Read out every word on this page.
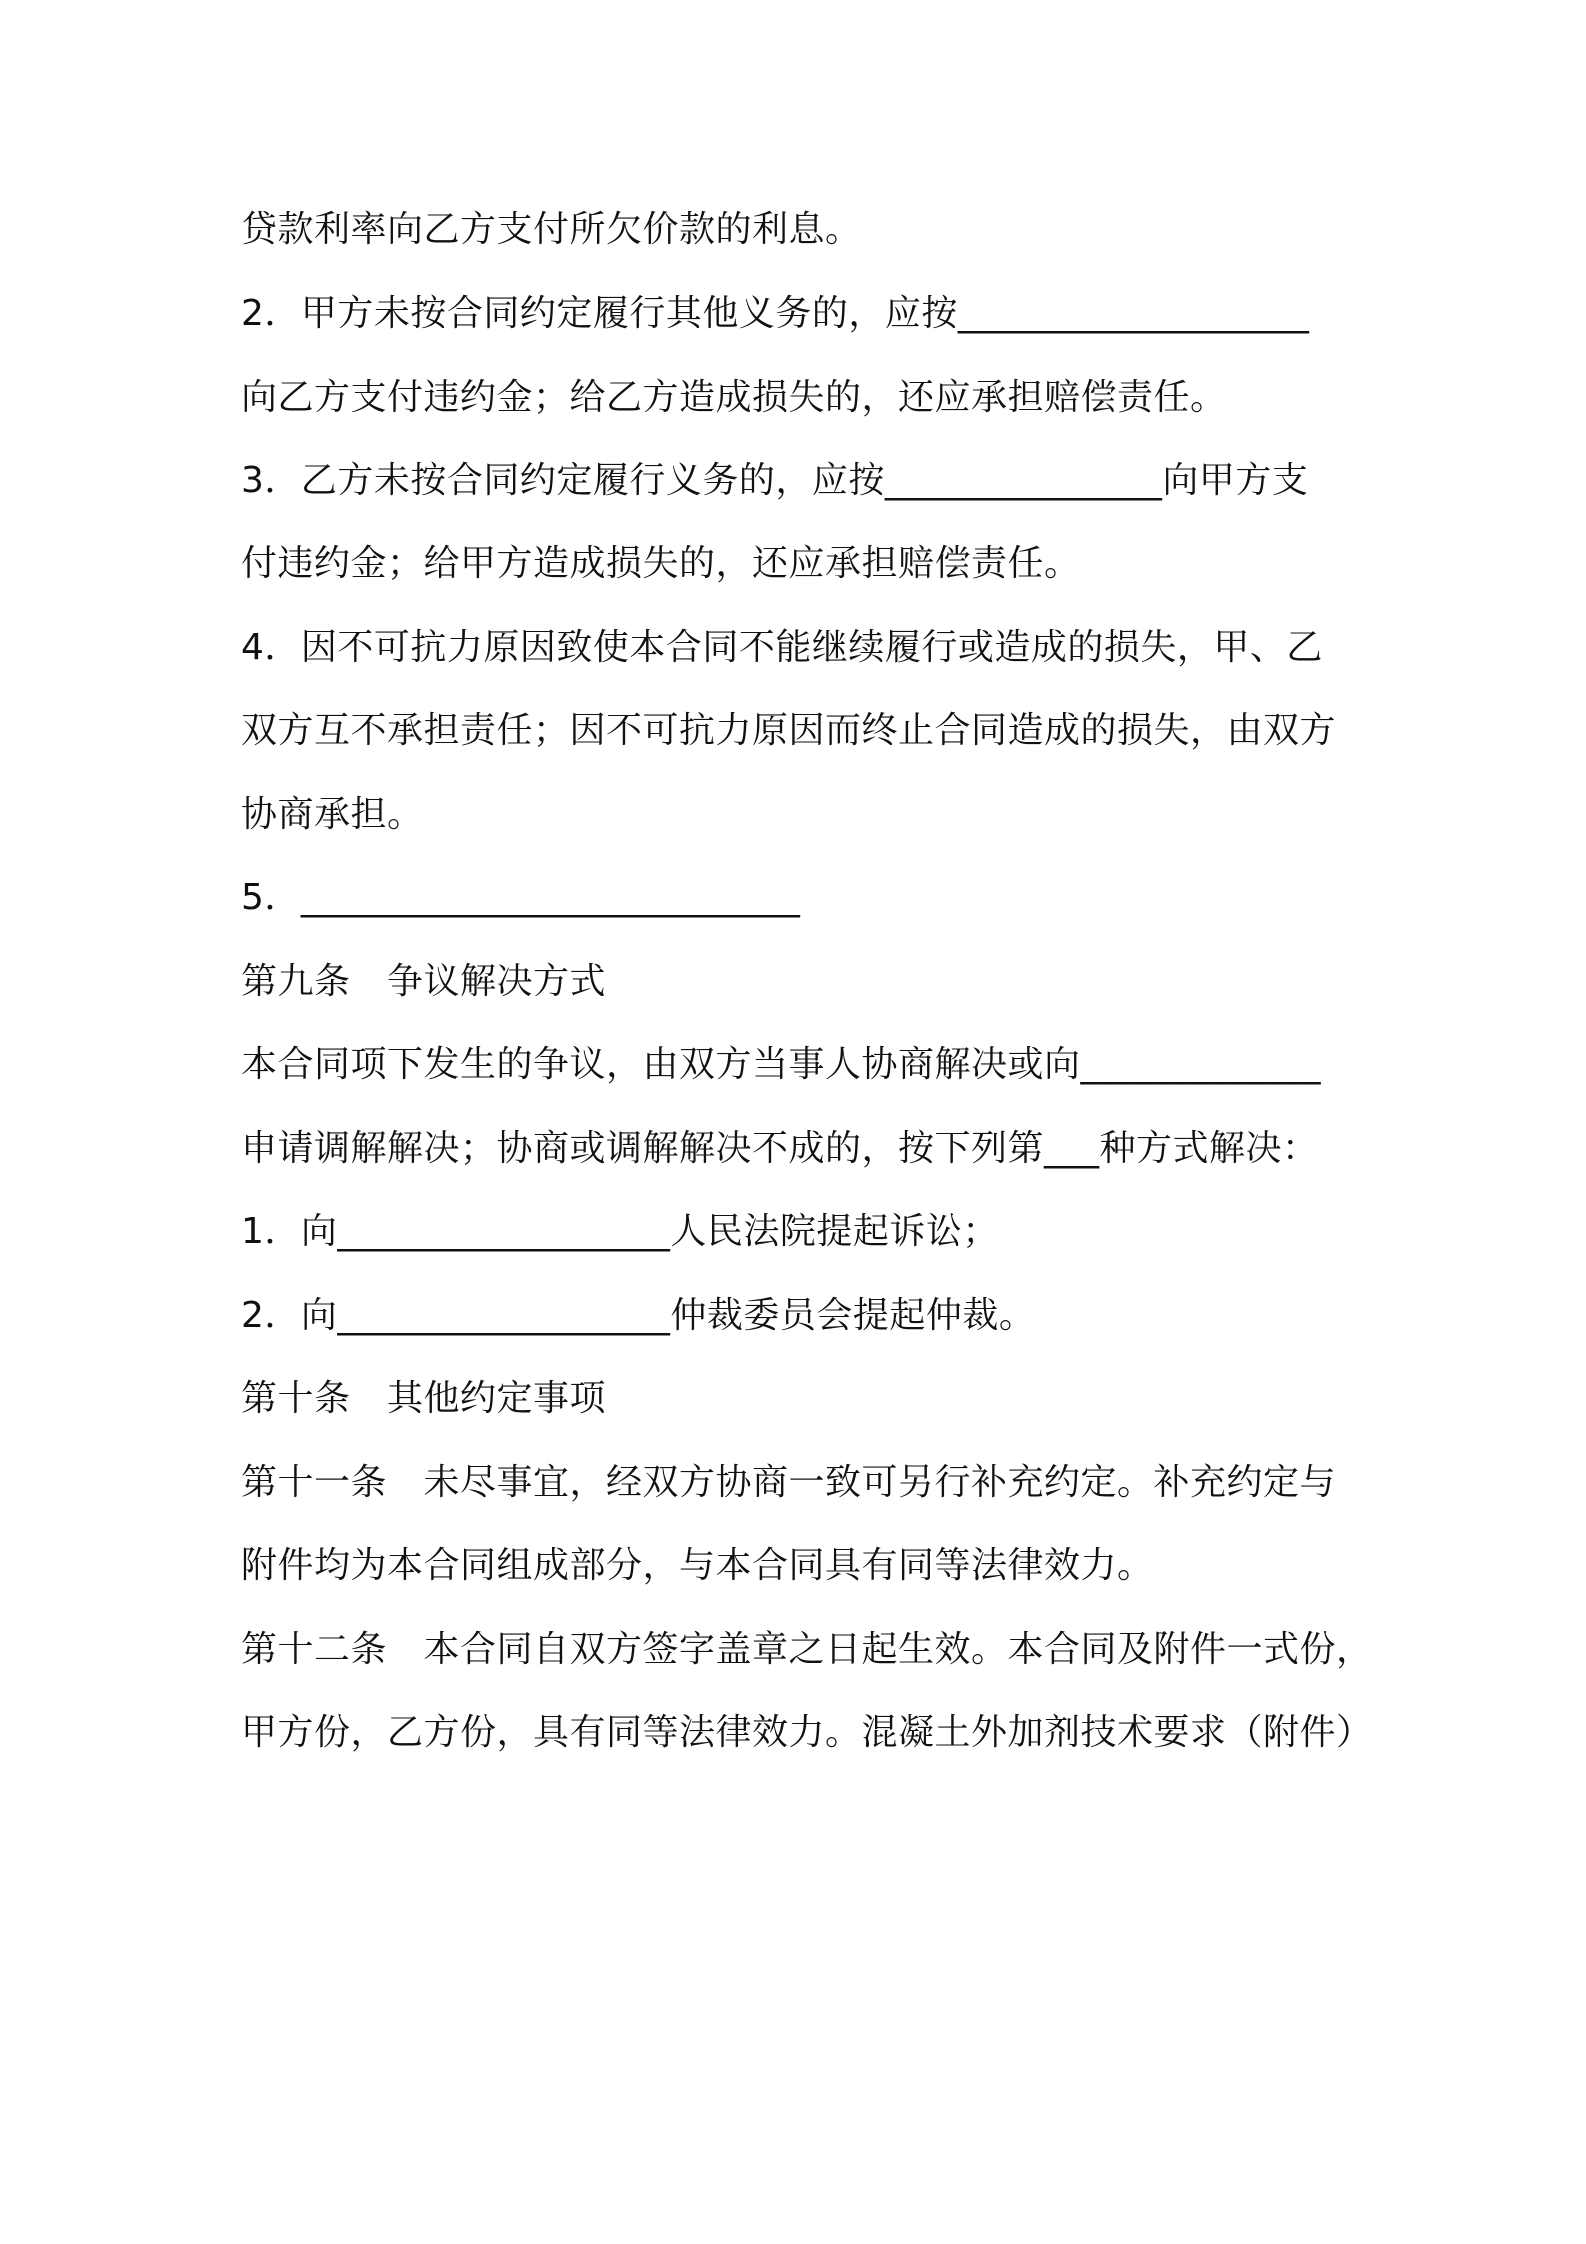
贷款利率向乙方支付所欠价款的利息。
2．甲方未按合同约定履行其他义务的，应按___________________
向乙方支付违约金；给乙方造成损失的，还应承担赔偿责任。
3．乙方未按合同约定履行义务的，应按_______________向甲方支
付违约金；给甲方造成损失的，还应承担赔偿责任。
4．因不可抗力原因致使本合同不能继续履行或造成的损失，甲、乙
双方互不承担责任；因不可抗力原因而终止合同造成的损失，由双方
协商承担。
5．___________________________
第九条　争议解决方式
本合同项下发生的争议，由双方当事人协商解决或向_____________
申请调解解决；协商或调解解决不成的，按下列第___种方式解决：
1．向__________________人民法院提起诉讼；
2．向__________________仲裁委员会提起仲裁。
第十条　其他约定事项
第十一条　未尽事宜，经双方协商一致可另行补充约定。补充约定与
附件均为本合同组成部分，与本合同具有同等法律效力。
第十二条　本合同自双方签字盖章之日起生效。本合同及附件一式份，
甲方份，乙方份，具有同等法律效力。混凝土外加剂技术要求（附件）
